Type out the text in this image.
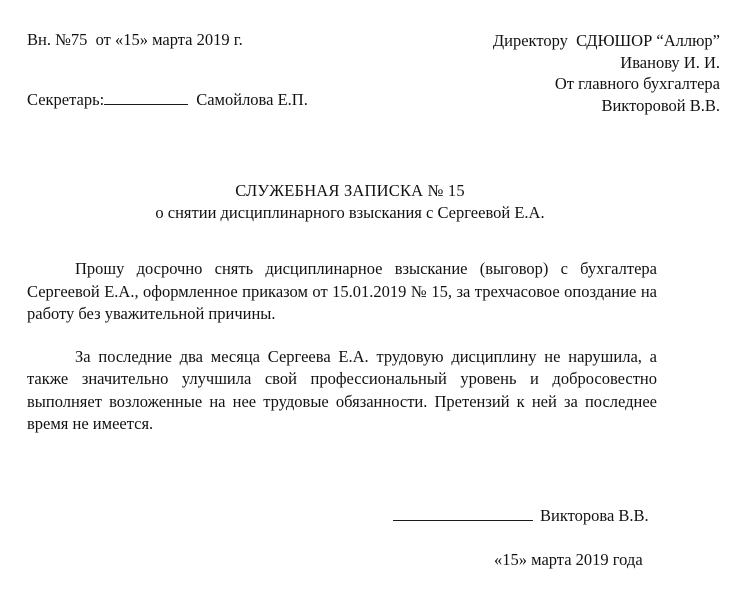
Вн. №75  от «15» марта 2019 г.
Секретарь:	Самойлова Е.П.
Директору  СДЮШОР “Аллюр”
Иванову И. И.
От главного бухгалтера
Викторовой В.В.
СЛУЖЕБНАЯ ЗАПИСКА № 15
о снятии дисциплинарного взыскания с Сергеевой Е.А.

Прошу досрочно снять дисциплинарное взыскание (выговор) с бухгалтера Сергеевой Е.А., оформленное приказом от 15.01.2019 № 15, за трехчасовое опоздание на работу без уважительной причины.

За последние два месяца Сергеева Е.А. трудовую дисциплину не нарушила, а также значительно улучшила свой профессиональный уровень и добросовестно выполняет возложенные на нее трудовые обязанности. Претензий к ней за последнее время не имеется.

Викторова В.В.
«15» марта 2019 года
